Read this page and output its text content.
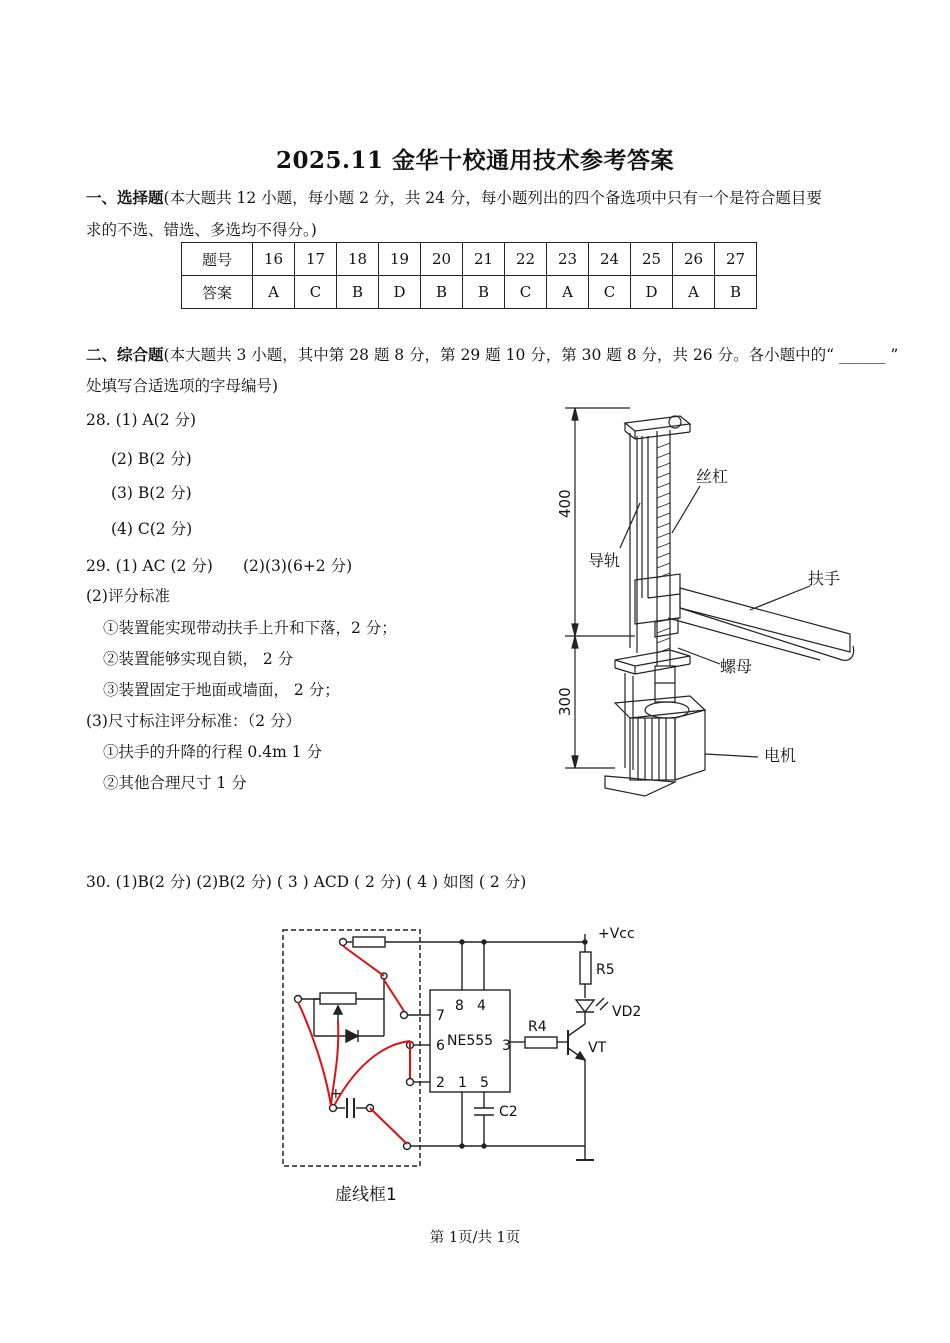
2025.11 金华十校通用技术参考答案
一、选择题(本大题共 12 小题，每小题 2 分，共 24 分，每小题列出的四个备选项中只有一个是符合题目要
求的不选、错选、多选均不得分。)
题号	16	17	18	19	20	21	22	23	24	25	26	27
答案	A	C	B	D	B	B	C	A	C	D	A	B
二、综合题(本大题共 3 小题，其中第 28 题 8 分，第 29 题 10 分，第 30 题 8 分，共 26 分。各小题中的“ ______ ”
处填写合适选项的字母编号)
28. (1) A(2 分)
(2) B(2 分)
(3) B(2 分)
(4) C(2 分)
29. (1) AC (2 分) (2)(3)(6+2 分)
(2)评分标准
①装置能实现带动扶手上升和下落，2 分；
②装置能够实现自锁， 2 分
③装置固定于地面或墙面， 2 分；
(3)尺寸标注评分标准：（2 分）
①扶手的升降的行程 0.4m 1 分
②其他合理尺寸 1 分
400
300
丝杠
导轨
扶手
螺母
电机
30. (1)B(2 分) (2)B(2 分) ( 3 ) ACD ( 2 分) ( 4 ) 如图 ( 2 分)
+Vcc
R5
VD2
R4
VT
NE555
8 4
7
6	3
2 1 5
C2
+
虚线框1
第 1页/共 1页
